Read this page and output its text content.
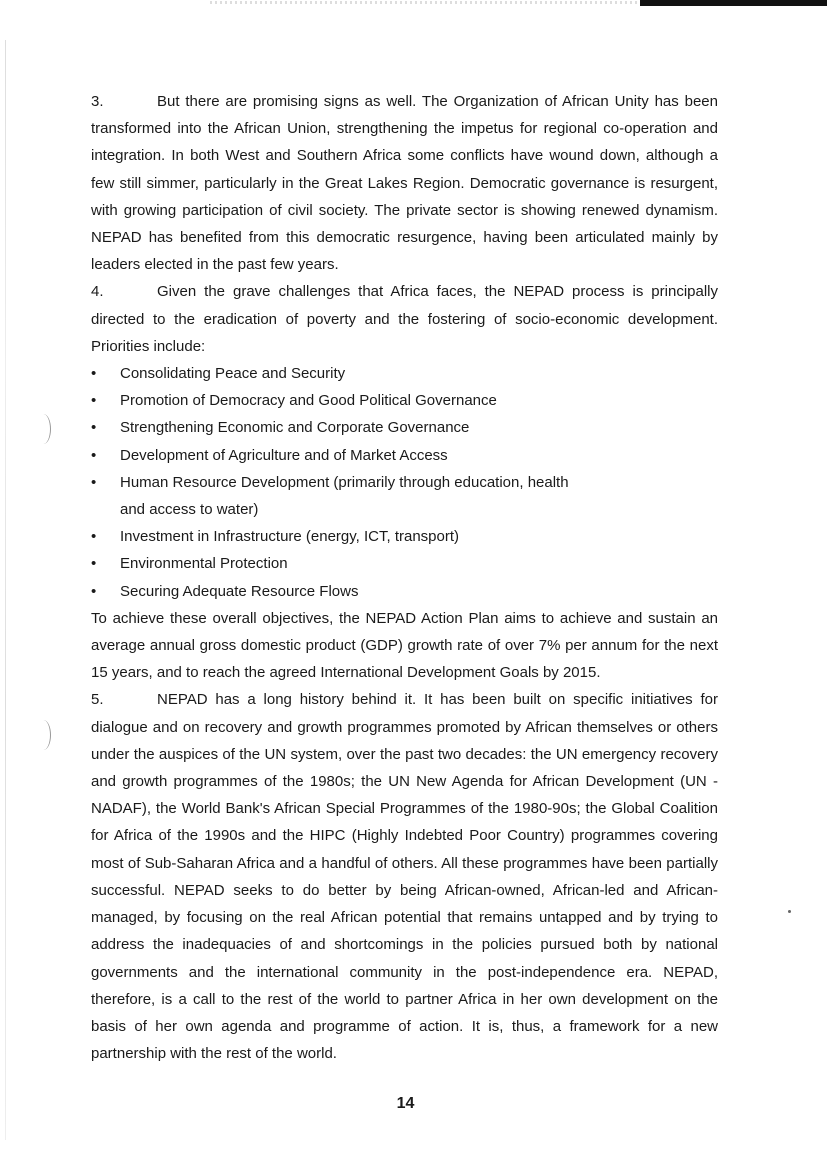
3.	But there are promising signs as well. The Organization of African Unity has been transformed into the African Union, strengthening the impetus for regional co-operation and integration. In both West and Southern Africa some conflicts have wound down, although a few still simmer, particularly in the Great Lakes Region. Democratic governance is resurgent, with growing participation of civil society. The private sector is showing renewed dynamism. NEPAD has benefited from this democratic resurgence, having been articulated mainly by leaders elected in the past few years.

4.	Given the grave challenges that Africa faces, the NEPAD process is principally directed to the eradication of poverty and the fostering of socio-economic development. Priorities include:

• Consolidating Peace and Security
• Promotion of Democracy and Good Political Governance
• Strengthening Economic and Corporate Governance
• Development of Agriculture and of Market Access
• Human Resource Development (primarily through education, health and access to water)
• Investment in Infrastructure (energy, ICT, transport)
• Environmental Protection
• Securing Adequate Resource Flows

To achieve these overall objectives, the NEPAD Action Plan aims to achieve and sustain an average annual gross domestic product (GDP) growth rate of over 7% per annum for the next 15 years, and to reach the agreed International Development Goals by 2015.

5.	NEPAD has a long history behind it. It has been built on specific initiatives for dialogue and on recovery and growth programmes promoted by African themselves or others under the auspices of the UN system, over the past two decades: the UN emergency recovery and growth programmes of the 1980s; the UN New Agenda for African Development (UN - NADAF), the World Bank's African Special Programmes of the 1980-90s; the Global Coalition for Africa of the 1990s and the HIPC (Highly Indebted Poor Country) programmes covering most of Sub-Saharan Africa and a handful of others. All these programmes have been partially successful. NEPAD seeks to do better by being African-owned, African-led and African-managed, by focusing on the real African potential that remains untapped and by trying to address the inadequacies of and shortcomings in the policies pursued both by national governments and the international community in the post-independence era. NEPAD, therefore, is a call to the rest of the world to partner Africa in her own development on the basis of her own agenda and programme of action. It is, thus, a framework for a new partnership with the rest of the world.

14
